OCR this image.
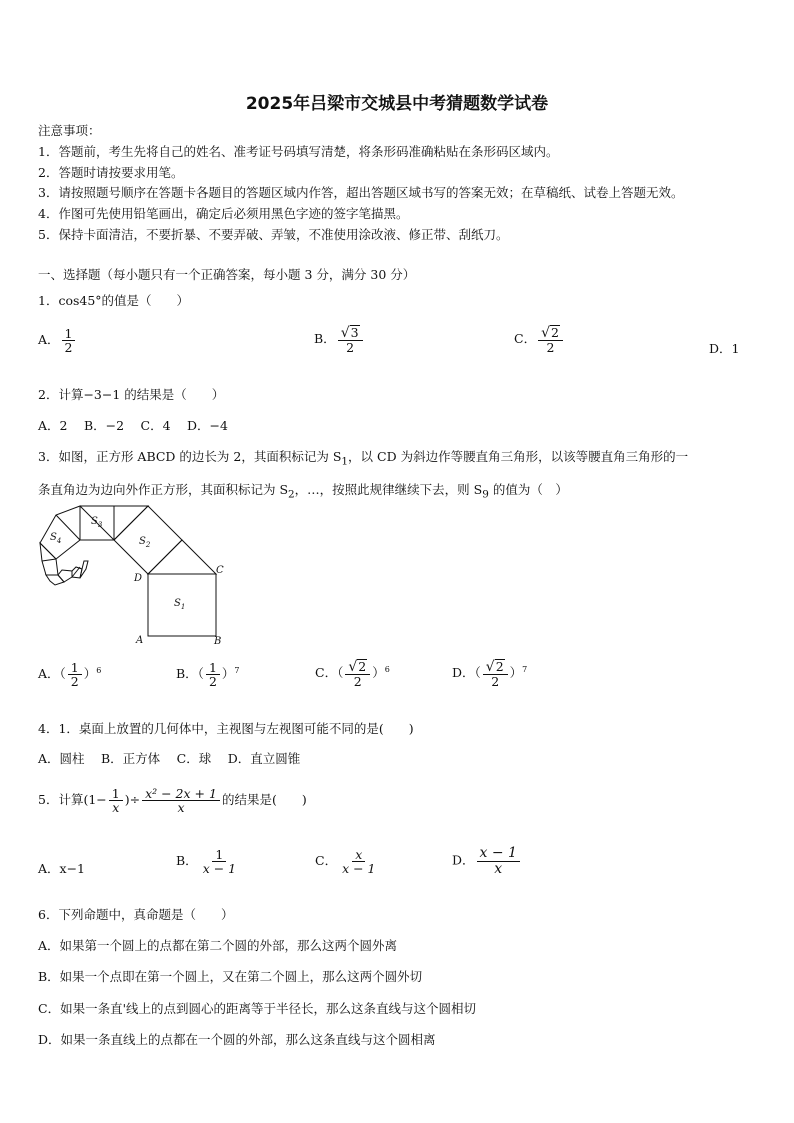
2025年吕梁市交城县中考猜题数学试卷
注意事项：
1．答题前，考生先将自己的姓名、准考证号码填写清楚，将条形码准确粘贴在条形码区域内。
2．答题时请按要求用笔。
3．请按照题号顺序在答题卡各题目的答题区域内作答，超出答题区域书写的答案无效；在草稿纸、试卷上答题无效。
4．作图可先使用铅笔画出，确定后必须用黑色字迹的签字笔描黑。
5．保持卡面清洁，不要折暴、不要弄破、弄皱，不准使用涂改液、修正带、刮纸刀。
一、选择题（每小题只有一个正确答案，每小题 3 分，满分 30 分）
1．cos45°的值是（　　）
A． $\frac{1}{2}$	B． $\frac{√ 3}{2}$	C． $\frac{√ 2}{2}$	D．1
2．计算−3−1 的结果是（　　）
A．2　 B．−2　 C．4　 D．−4
3．如图，正方形 ABCD 的边长为 2，其面积标记为 $S_1$，以 CD 为斜边作等腰直角三角形，以该等腰直角三角形的一
条直角边为边向外作正方形，其面积标记为 $S_2$，…，按照此规律继续下去，则 $S_9$ 的值为（　）
$S_1$
$S_2$
$S_3$
$S_4$
A	B
C
D
A．（ $\frac{1}{2} )^6$	B．（ $\frac{1}{2} )^7$	C．（ $\frac{√ 2}{2} )^6$	D．（ $\frac{√ 2}{2} )^7$
4．1．桌面上放置的几何体中，主视图与左视图可能不同的是(　　)
A．圆柱　 B．正方体　 C．球　 D．直立圆锥
5．计算($1- \frac{1}{x}$ )÷ $\frac{\text{x² − 2x + 1}}{x}$ 的结果是(　　)
A．x−1
B． $\frac{1}{x - 1}$	C． $\frac{x}{x - 1}$	D． $\frac{x - 1}{x}$
6．下列命题中，真命题是（　　）
A．如果第一个圆上的点都在第二个圆的外部，那么这两个圆外离
B．如果一个点即在第一个圆上，又在第二个圆上，那么这两个圆外切
C．如果一条直'线上的点到圆心的距离等于半径长，那么这条直线与这个圆相切
D．如果一条直线上的点都在一个圆的外部，那么这条直线与这个圆相离
